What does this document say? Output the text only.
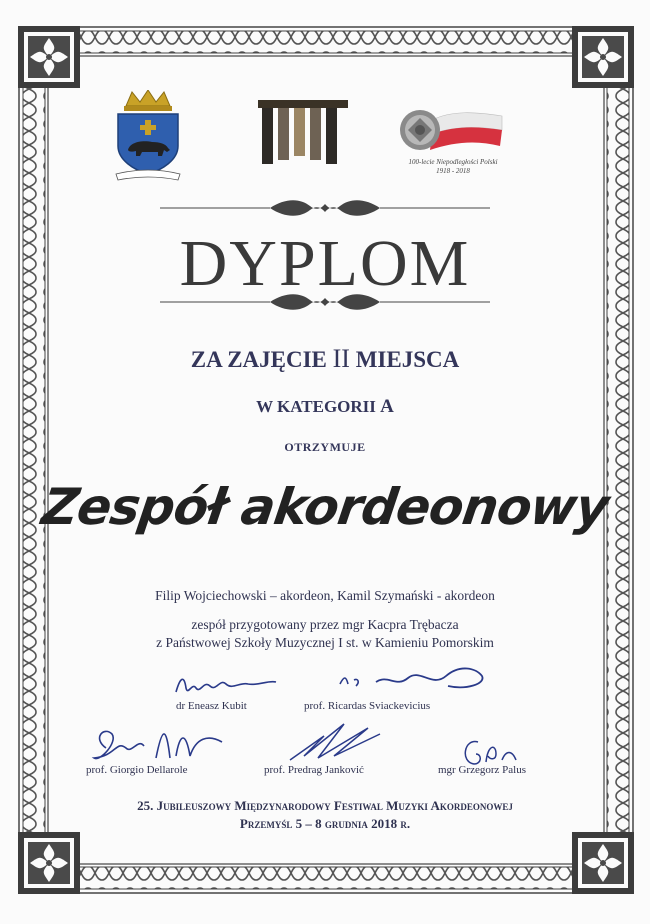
100-lecie Niepodległości Polski
1918 - 2018
DYPLOM
ZA ZAJĘCIE II MIEJSCA
W KATEGORII A
OTRZYMUJE
Zespół akordeonowy
Filip Wojciechowski – akordeon, Kamil Szymański - akordeon
zespół przygotowany przez mgr Kacpra Trębacza
z Państwowej Szkoły Muzycznej I st. w Kamieniu Pomorskim
dr Eneasz Kubit	prof. Ricardas Sviackevicius
prof. Giorgio Dellarole	prof. Predrag Janković	mgr Grzegorz Palus
25. Jubileuszowy Międzynarodowy Festiwal Muzyki Akordeonowej
Przemyśl 5 – 8 grudnia 2018 r.
